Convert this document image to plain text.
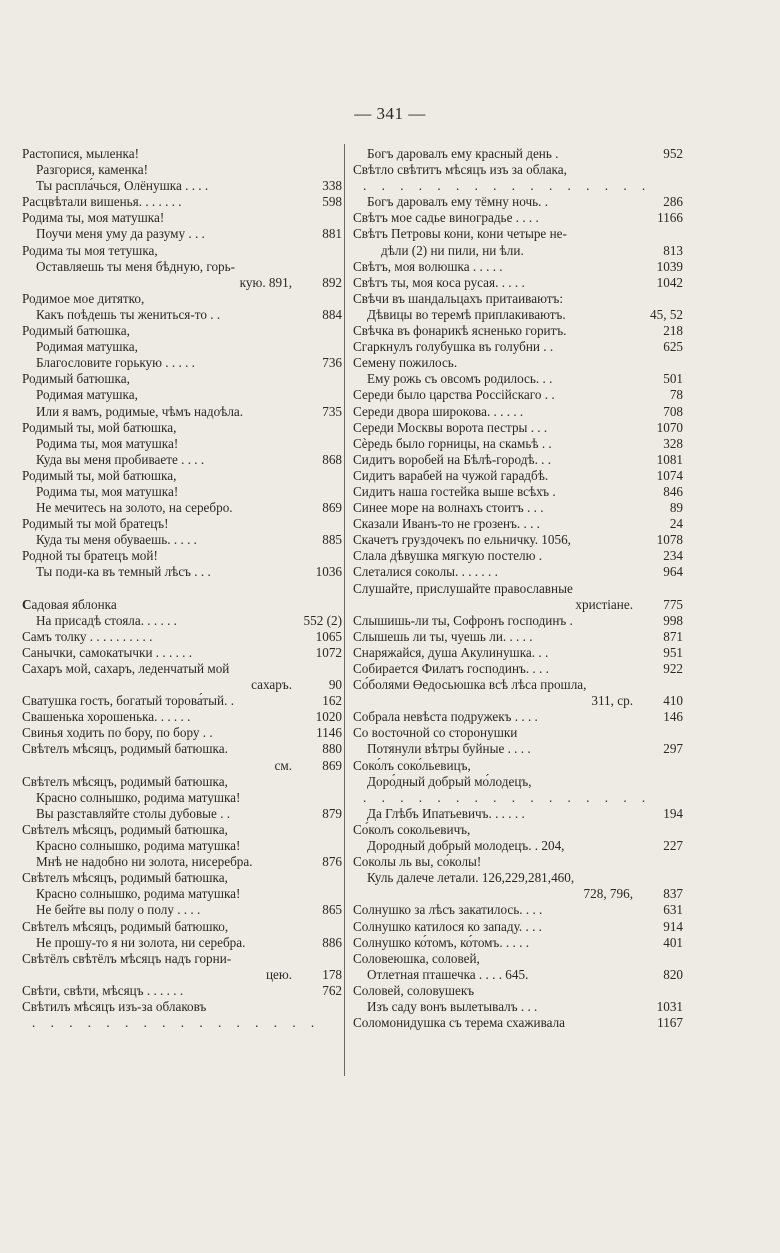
— 341 —
Растопися, мыленка!
Разгорися, каменка!
Ты распла́чься, Олёнушка . . . .	338
Расцвѣтали вишенья. . . . . . .	598
Родима ты, моя матушка!
Поучи меня уму да разуму . . .	881
Родима ты моя тетушка,
Оставляешь ты меня бѣдную, горь-
кую. 891, 892
Родимое мое дитятко,
Какъ поѣдешь ты жениться-то . .	884
Родимый батюшка,
Родимая матушка,
Благословите горькую . . . . .	736
Родимый батюшка,
Родимая матушка,
Или я вамъ, родимые, чѣмъ надоѣла.	735
Родимый ты, мой батюшка,
Родима ты, моя матушка!
Куда вы меня пробиваете . . . .	868
Родимый ты, мой батюшка,
Родима ты, моя матушка!
Не мечитесь на золото, на серебро.	869
Родимый ты мой братецъ!
Куда ты меня обуваешь. . . . .	885
Родной ты братецъ мой!
Ты поди-ка въ темный лѣсъ . . .	1036
Садовая яблонка
На присадѣ стояла. . . . . .	552 (2)
Самъ толку . . . . . . . . . .	1065
Санычки, самокатычки . . . . . .	1072
Сахаръ мой, сахаръ, леденчатый мой
сахаръ.	90
Сватушка гость, богатый торова́тый. .	162
Свашенька хорошенька. . . . . .	1020
Свинья ходить по бору, по бору . .	1146
Свѣтелъ мѣсяцъ, родимый батюшка.	880
см. 869
Свѣтелъ мѣсяцъ, родимый батюшка,
Красно солнышко, родима матушка!
Вы разставляйте столы дубовые . .	879
Свѣтелъ мѣсяцъ, родимый батюшка,
Красно солнышко, родима матушка!
Мнѣ не надобно ни золота, нисеребра.	876
Свѣтелъ мѣсяцъ, родимый батюшка,
Красно солнышко, родима матушка!
Не бейте вы полу о полу . . . .	865
Свѣтелъ мѣсяцъ, родимый батюшко,
Не прошу-то я ни золота, ни серебра.	886
Свѣтёлъ свѣтёлъ мѣсяцъ надъ горни-
цею. 178
Свѣти, свѣти, мѣсяцъ . . . . . .	762
Свѣтилъ мѣсяцъ изъ-за облаковъ
. . . . . . . . . . . . . . . .
Богъ даровалъ ему красный день .	952
Свѣтло свѣтитъ мѣсяцъ изъ за облака,
. . . . . . . . . . . . . . . .
Богъ даровалъ ему тёмну ночь. .	286
Свѣтъ мое садье виноградье . . . .	1166
Свѣтъ Петровы кони, кони четыре не-
дѣли (2) ни пили, ни ѣли.	813
Свѣтъ, моя волюшка . . . . .	1039
Свѣтъ ты, моя коса русая. . . . .	1042
Свѣчи въ шандальцахъ притаиваютъ:
Дѣвицы во теремѣ приплакиваютъ.	45, 52
Свѣчка въ фонарикѣ ясненько горитъ.	218
Сгаркнулъ голубушка въ голубни . .	625
Семену пожилось.
Ему рожь съ овсомъ родилось. . .	501
Середи было царства Россійскаго . .	78
Середи двора широкова. . . . . .	708
Середи Москвы ворота пестры . . .	1070
Сѐредь было горницы, на скамьѣ . .	328
Сидитъ воробей на Бѣлѣ-городѣ. . .	1081
Сидитъ варабей на чужой гарадбѣ.	1074
Сидитъ наша гостейка выше всѣхъ .	846
Синее море на волнахъ стоитъ . . .	89
Сказали Иванъ-то не грозенъ. . . .	24
Скачетъ груздочекъ по ельничку. 1056,	1078
Слала дѣвушка мягкую постелю .	234
Слеталися соколы. . . . . . .	964
Слушайте, прислушайте православные
христiане. 775
Слышишь-ли ты, Софронъ господинъ .	998
Слышешь ли ты, чуешь ли. . . . .	871
Снаряжайся, душа Акулинушка. . .	951
Собирается Филатъ господинъ. . . .	922
Со́болями Өедосьюшка всѣ лѣса прошла,
311, ср. 410
Собрала невѣста подружекъ . . . .	146
Со восточной со сторонушки
Потянули вѣтры буйные . . . .	297
Соко́лъ соко́льевицъ,
Доро́дный добрый мо́лодецъ,
. . . . . . . . . . . . . . . .
Да Глѣбъ Ипатьевичъ. . . . . .	194
Со́колъ сокольевичъ,
Дородный добрый молодецъ. . 204,	227
Соколы ль вы, со́колы!
Куль далече летали. 126,229,281,460,
728, 796, 837
Солнушко за лѣсъ закатилось. . . .	631
Солнушко катилося ко западу. . . .	914
Солнушко ко́томъ, ко́томъ. . . . .	401
Соловеюшка, соловей,
Отлетная пташечка . . . . 645.	820
Соловей, соловушекъ
Изъ саду вонъ вылетывалъ . . .	1031
Соломонидушка съ терема схаживала	1167
